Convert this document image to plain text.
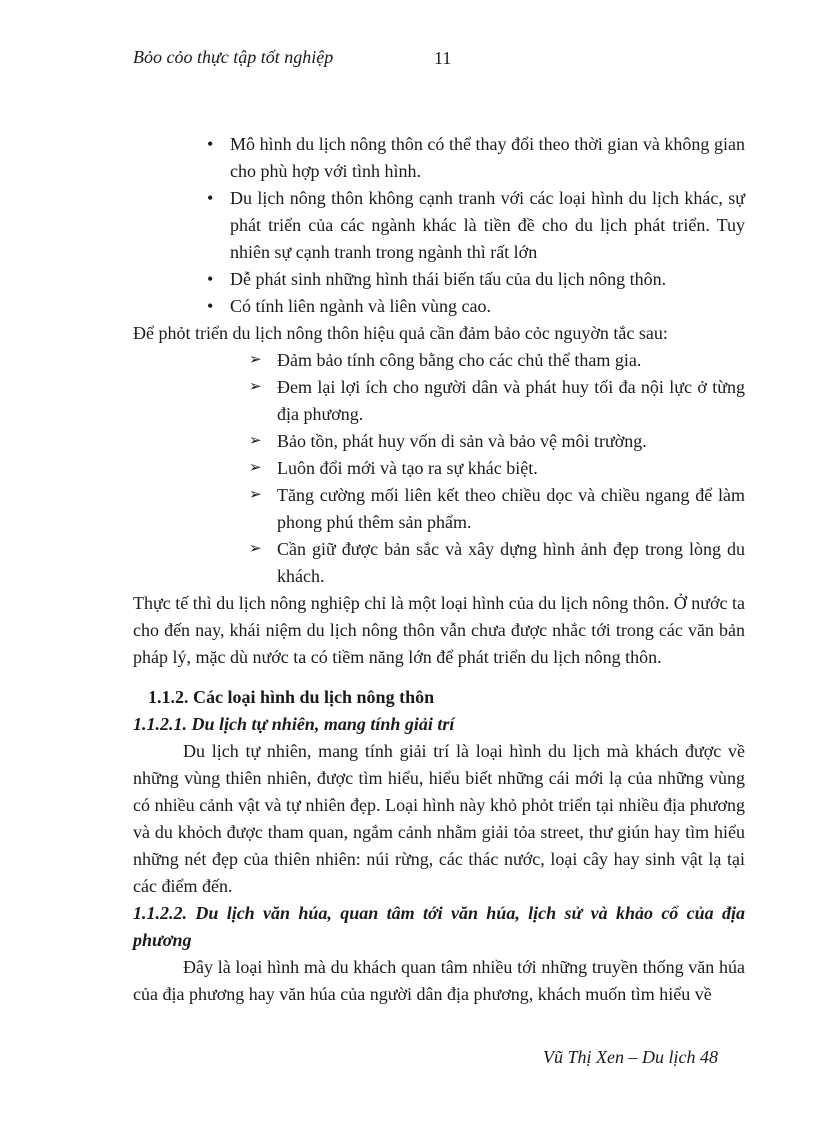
Bỏo cỏo thực tập tốt nghiệp	11
• Mô hình du lịch nông thôn có thể thay đổi theo thời gian và không gian cho phù hợp với tình hình.
• Du lịch nông thôn không cạnh tranh với các loại hình du lịch khác, sự phát triển của các ngành khác là tiền đề cho du lịch phát triển. Tuy nhiên sự cạnh tranh trong ngành thì rất lớn
• Dễ phát sinh những hình thái biến tấu của du lịch nông thôn.
• Có tính liên ngành và liên vùng cao.

Để phỏt triển du lịch nông thôn hiệu quả cần đảm bảo cỏc nguyờn tắc sau:

➢ Đảm bảo tính công bằng cho các chủ thể tham gia.
➢ Đem lại lợi ích cho người dân và phát huy tối đa nội lực ở từng địa phương.
➢ Bảo tồn, phát huy vốn di sản và bảo vệ môi trường.
➢ Luôn đổi mới và tạo ra sự khác biệt.
➢ Tăng cường mối liên kết theo chiều dọc và chiều ngang để làm phong phú thêm sản phẩm.
➢ Cần giữ được bản sắc và xây dựng hình ảnh đẹp trong lòng du khách.

Thực tế thì du lịch nông nghiệp chỉ là một loại hình của du lịch nông thôn. Ở nước ta cho đến nay, khái niệm du lịch nông thôn vẫn chưa được nhắc tới trong các văn bản pháp lý, mặc dù nước ta có tiềm năng lớn để phát triển du lịch nông thôn.

1.1.2. Các loại hình du lịch nông thôn

1.1.2.1. Du lịch tự nhiên, mang tính giải trí

Du lịch tự nhiên, mang tính giải trí là loại hình du lịch mà khách được về những vùng thiên nhiên, được tìm hiểu, hiểu biết những cái mới lạ của những vùng có nhiều cảnh vật và tự nhiên đẹp. Loại hình này khỏ phỏt triển tại nhiều địa phương và du khỏch được tham quan, ngắm cảnh nhằm giải tỏa street, thư giún hay tìm hiểu những nét đẹp của thiên nhiên: núi rừng, các thác nước, loại cây hay sinh vật lạ tại các điểm đến.

1.1.2.2. Du lịch văn húa, quan tâm tới văn húa, lịch sử và khảo cổ của địa phương

Đây là loại hình mà du khách quan tâm nhiều tới những truyền thống văn húa của địa phương hay văn húa của người dân địa phương, khách muốn tìm hiểu về

Vũ Thị Xen – Du lịch 48
